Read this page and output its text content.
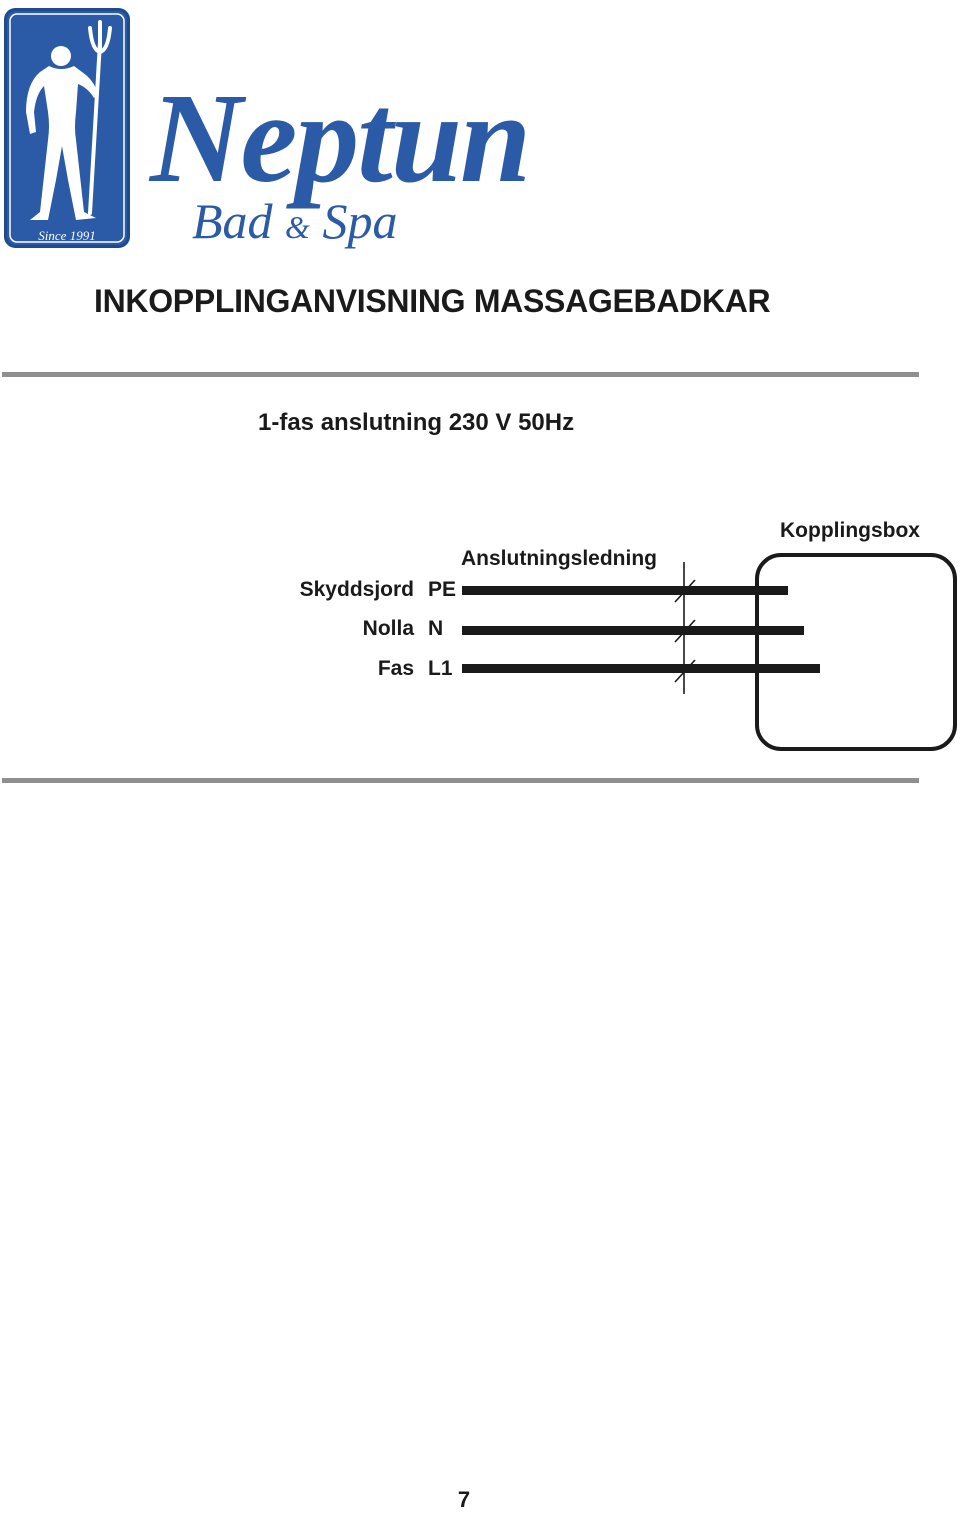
Since 1991
Neptun
Bad & Spa
INKOPPLINGANVISNING MASSAGEBADKAR
1-fas anslutning 230 V 50Hz
Kopplingsbox
Anslutningsledning
Skyddsjord PE
Nolla N
Fas L1
7
